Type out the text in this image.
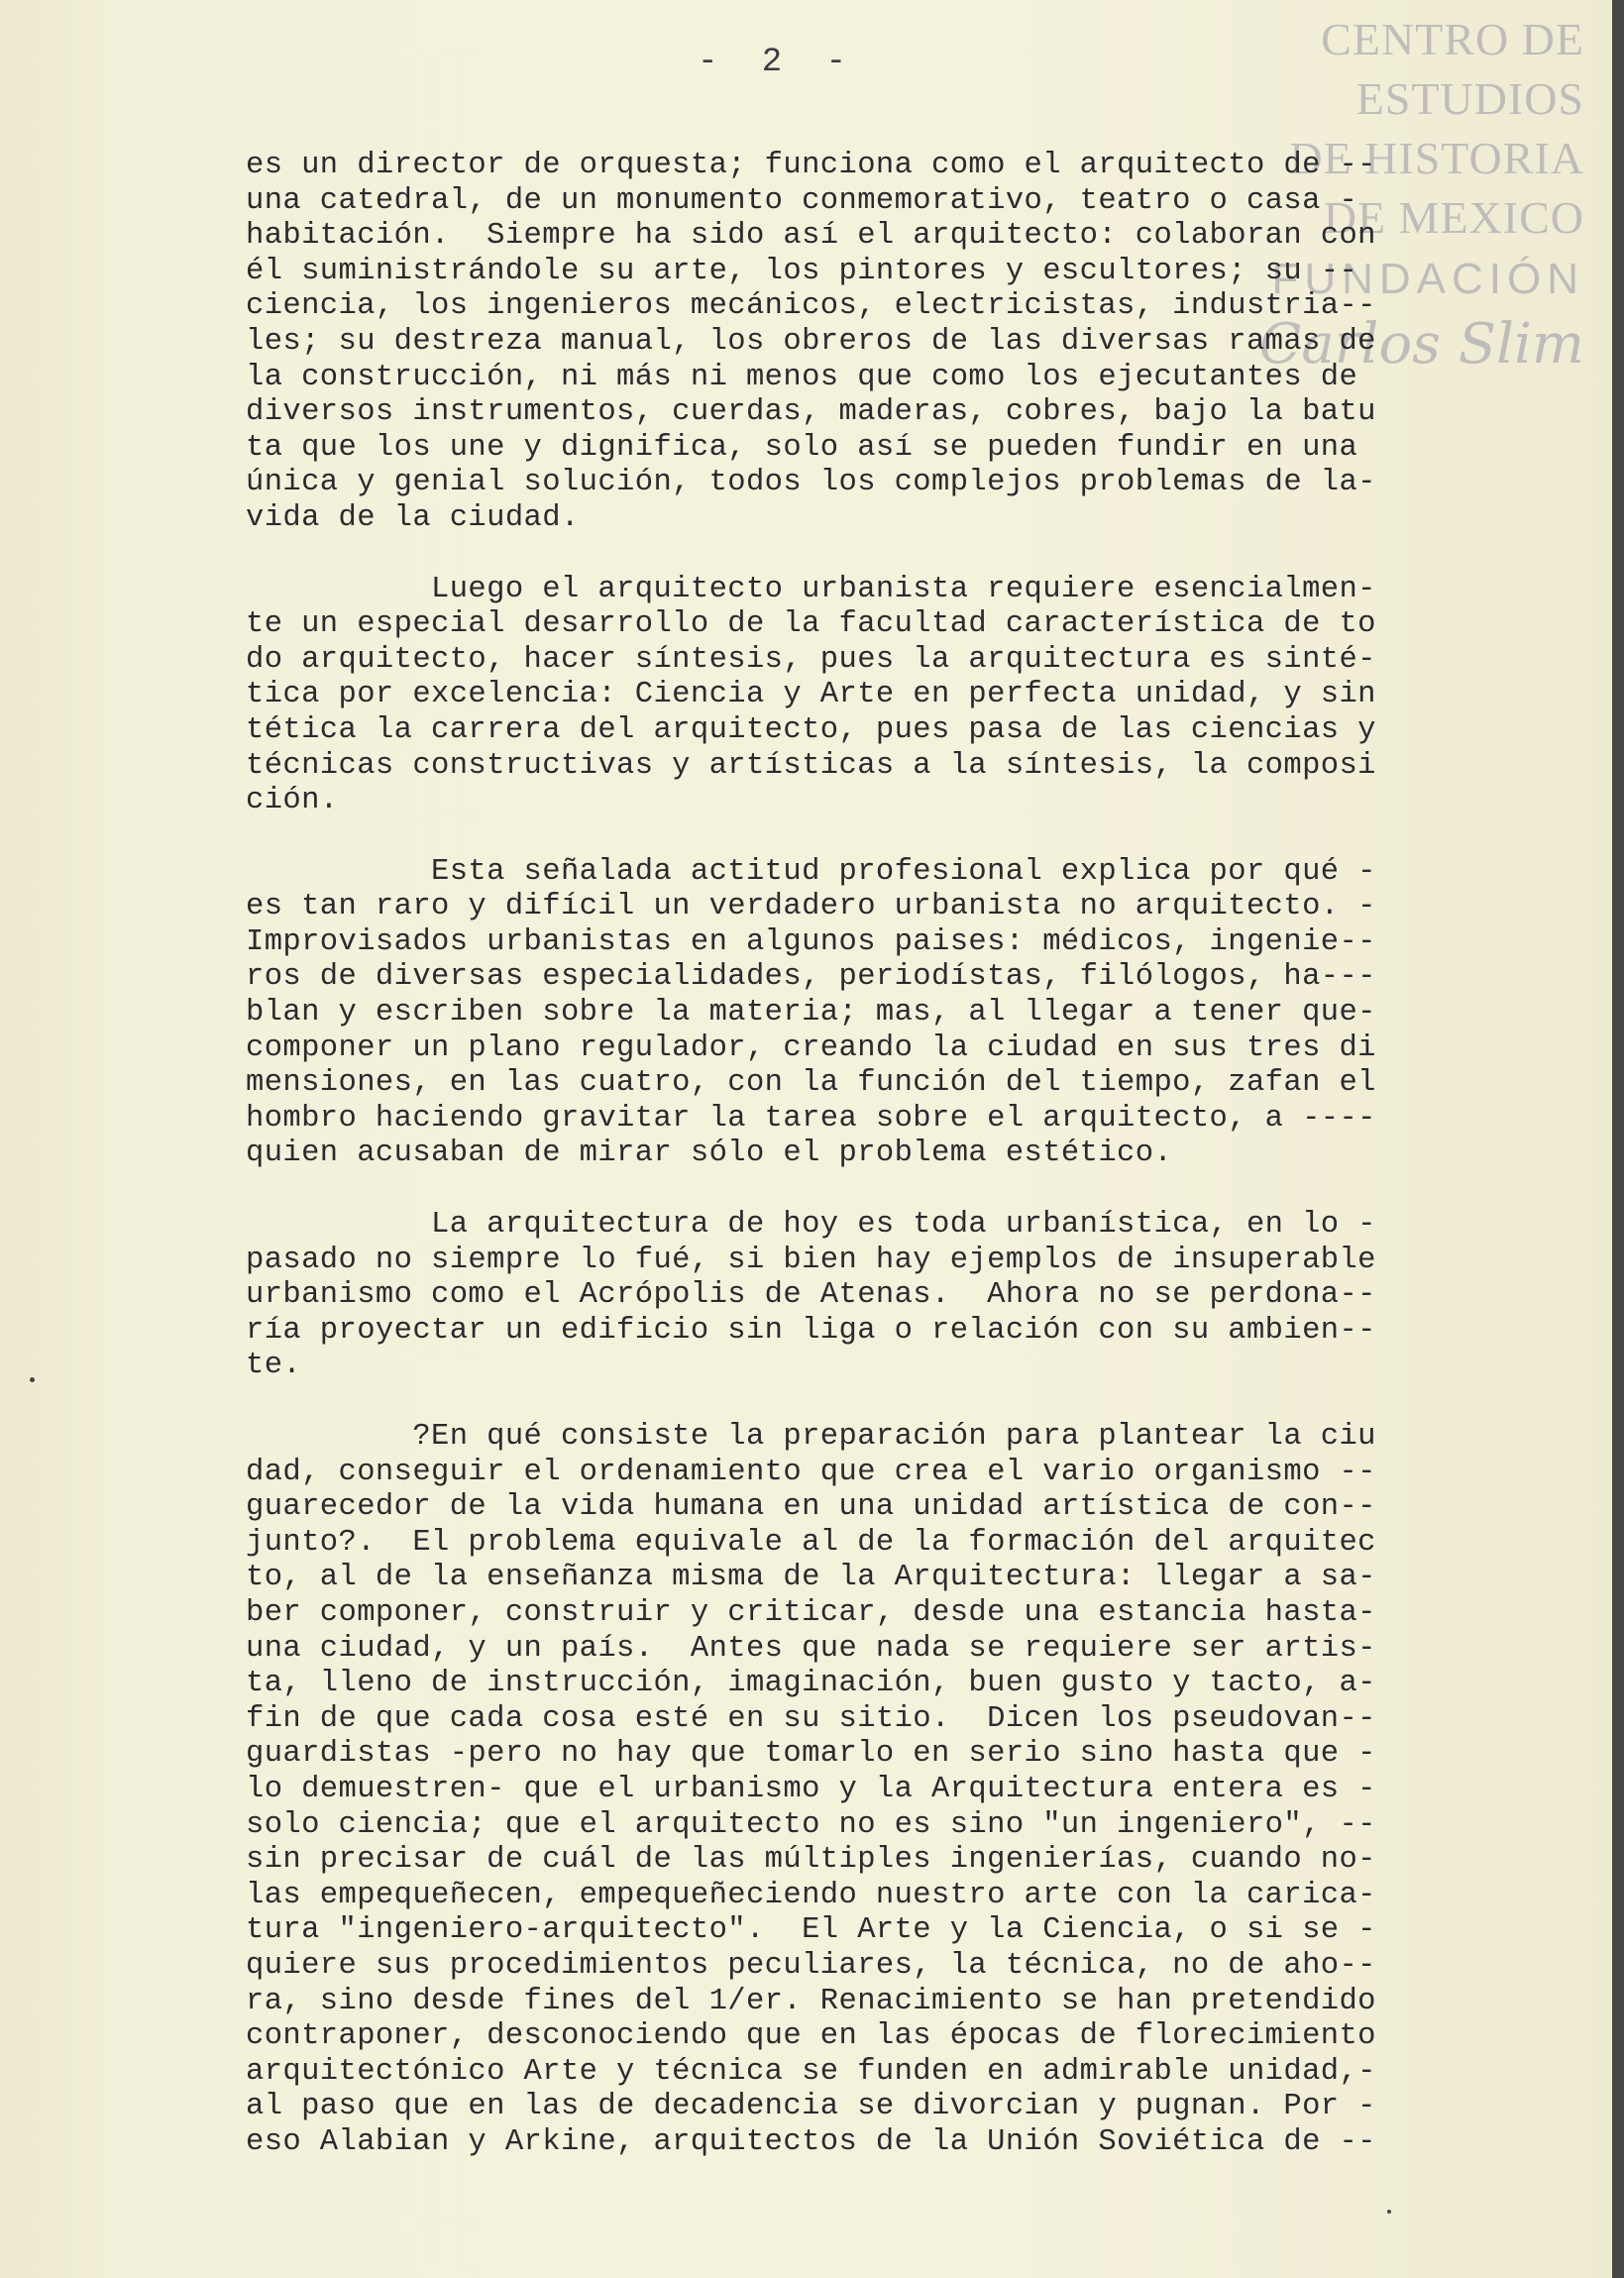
- 2 -	CENTRO DE
ESTUDIOS
DE HISTORIA
DE MEXICO
FUNDACIÓN
Carlos Slim
es un director de orquesta; funciona como el arquitecto de --
una catedral, de un monumento conmemorativo, teatro o casa -
habitación.  Siempre ha sido así el arquitecto: colaboran con
él suministrándole su arte, los pintores y escultores; su --
ciencia, los ingenieros mecánicos, electricistas, industria--
les; su destreza manual, los obreros de las diversas ramas de
la construcción, ni más ni menos que como los ejecutantes de
diversos instrumentos, cuerdas, maderas, cobres, bajo la batu
ta que los une y dignifica, solo así se pueden fundir en una
única y genial solución, todos los complejos problemas de la-
vida de la ciudad.
Luego el arquitecto urbanista requiere esencialmen-
te un especial desarrollo de la facultad característica de to
do arquitecto, hacer síntesis, pues la arquitectura es sinté-
tica por excelencia: Ciencia y Arte en perfecta unidad, y sin
tética la carrera del arquitecto, pues pasa de las ciencias y
técnicas constructivas y artísticas a la síntesis, la composi
ción.
Esta señalada actitud profesional explica por qué -
es tan raro y difícil un verdadero urbanista no arquitecto. -
Improvisados urbanistas en algunos paises: médicos, ingenie--
ros de diversas especialidades, periodístas, filólogos, ha---
blan y escriben sobre la materia; mas, al llegar a tener que-
componer un plano regulador, creando la ciudad en sus tres di
mensiones, en las cuatro, con la función del tiempo, zafan el
hombro haciendo gravitar la tarea sobre el arquitecto, a ----
quien acusaban de mirar sólo el problema estético.
La arquitectura de hoy es toda urbanística, en lo -
pasado no siempre lo fué, si bien hay ejemplos de insuperable
urbanismo como el Acrópolis de Atenas.  Ahora no se perdona--
ría proyectar un edificio sin liga o relación con su ambien--
te.
?En qué consiste la preparación para plantear la ciu
dad, conseguir el ordenamiento que crea el vario organismo --
guarecedor de la vida humana en una unidad artística de con--
junto?.  El problema equivale al de la formación del arquitec
to, al de la enseñanza misma de la Arquitectura: llegar a sa-
ber componer, construir y criticar, desde una estancia hasta-
una ciudad, y un país.  Antes que nada se requiere ser artis-
ta, lleno de instrucción, imaginación, buen gusto y tacto, a-
fin de que cada cosa esté en su sitio.  Dicen los pseudovan--
guardistas -pero no hay que tomarlo en serio sino hasta que -
lo demuestren- que el urbanismo y la Arquitectura entera es -
solo ciencia; que el arquitecto no es sino "un ingeniero", --
sin precisar de cuál de las múltiples ingenierías, cuando no-
las empequeñecen, empequeñeciendo nuestro arte con la carica-
tura "ingeniero-arquitecto".  El Arte y la Ciencia, o si se -
quiere sus procedimientos peculiares, la técnica, no de aho--
ra, sino desde fines del 1/er. Renacimiento se han pretendido
contraponer, desconociendo que en las épocas de florecimiento
arquitectónico Arte y técnica se funden en admirable unidad,-
al paso que en las de decadencia se divorcian y pugnan. Por -
eso Alabian y Arkine, arquitectos de la Unión Soviética de --
